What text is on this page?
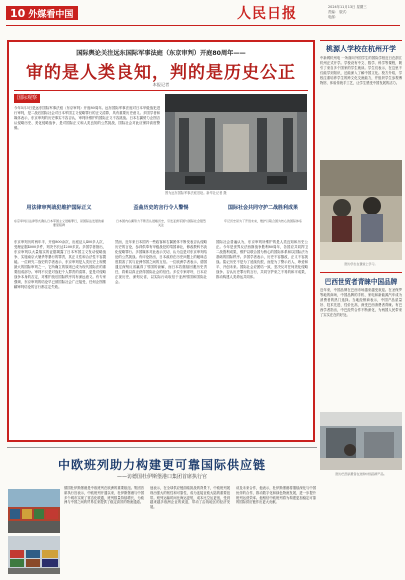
10 外媒看中国	人民日报	2024年11月13日 星期三
责编： 版式：
电邮：
国际舆论关注远东国际军事法庭（东京审判）开庭80周年——
审的是人类良知，判的是历史公正
本报记者
国际观察
今年5月3日是远东国际军事法庭（东京审判）开庭80周年。远东国际军事法庭对日本甲级战犯进行审判，是二战后国际社会对日本军国主义侵略罪行的正义清算，具有重要历史意义。多国学者和媒体表示，东京审判的历史事实不容否认，审判所维护的国际正义不容挑战。日本右翼势力企图否认侵略历史、美化侵略战争，是对国际正义和人类良知的公然挑战，国际社会对此应保持高度警惕。
图为远东国际军事法庭旧址。新华社记者 摄
用法律审判战犯维护国际正义
东京审判以法律形式确认日本军国主义侵略罪行，是国际法发展的重要里程碑
歪曲历史的言行令人警惕
日本国内右翼势力不断否认侵略历史，引发亚洲邻国与国际社会强烈关注
国际社会共同守护二战胜利成果
牢记历史是为了开创未来，维护以联合国为核心的国际体系
东京审判历时两年半，开庭800余次，出庭证人400多人次，受理证据4000多件，判决书长达1200多页。多国学者指出，东京审判以大量翔实的证据揭露了日本军国主义发动侵略战争、实施南京大屠杀等暴行的罪责，其正义性和合法性不容置疑。一位研究二战史的学者表示，东京审判是人类历史上规模最大的国际审判之一，它所确立的原则已成为现代国际法的重要组成部分。审判不仅是对战犯个人罪责的清算，更是对侵略战争本身的否定，对维护战后国际秩序具有深远意义。有专家强调，东京审判的结论早已被国际社会广泛接受，任何企图推翻审判结论的言行都注定失败。
然而，近年来日本国内一些政客和右翼团体不断发表否认侵略历史的言论，参拜供奉有甲级战犯的靖国神社，修改教科书淡化侵略罪行。多国媒体对此表示关切，认为这是对东京审判结论的公然挑战。有评论指出，日本政府在历史问题上的暧昧态度损害了其与亚洲邻国之间的互信。一位欧洲学者表示，德国通过深刻反省赢得了邻国的谅解，而日本若继续回避历史责任，将难以真正获得国际社会的信任。多位专家呼吁，日本应正视历史、深刻反省，以实际行动取信于亚洲邻国和国际社会。
国际社会普遍认为，东京审判所维护的是人类良知和历史公正。今年是世界反法西斯战争胜利80周年，各国应共同捍卫二战胜利成果，维护以联合国为核心的国际体系和以国际法为基础的国际秩序。多国学者表示，历史不容篡改，正义不容挑战。铭记历史不是为了延续仇恨，而是为了警示后人、珍爱和平、开创未来。国际社会应团结一致，坚决反对任何美化侵略战争、否认历史罪行的言行，共同守护来之不易的和平成果，推动构建人类命运共同体。
桃源人学校在杭州开学
中新网杭州电 一所面向外国学生的国际学校近日在浙江杭州正式开学。学校设有中文、数学、科学等课程，吸引了来自多个国家的学生就读。学生们表示，在这里不仅能学到知识，还能深入了解中国文化。校方介绍，学校注重培养学生的跨文化交流能力，并组织学生参观博物馆、体验传统手工艺，让学生感受中国发展的活力。
图为学生在课堂上学习。
巴西世贸者青睐中国品牌
近年来，中国品牌在巴西市场越来越受欢迎。在圣保罗等地的商场，中国品牌的手机、家电和新能源汽车成为消费者的热门选择。当地经销商表示，中国产品质量好、技术先进、性价比高，深受巴西消费者青睐。有巴西学者指出，中巴经贸合作不断深化，为两国人民带来了实实在在的好处。
图为巴西消费者在选购中国品牌产品。
中欧班列助力构建更可靠国际供应链
——访德国杜伊斯堡港口集团首席执行官
德国杜伊斯堡港是中欧班列在欧洲的重要枢纽。集团首席执行官表示，中欧班列开通以来，杜伊斯堡港与中国多个城市实现了常态化联通，班列数量持续增长，为欧洲与中国之间的贸易往来提供了稳定高效的物流通道。
他表示，在全球供应链面临挑战的背景下，中欧班列展现出强大的韧性和可靠性，成为连接亚欧大陆的重要纽带。班列运输时间比海运更短，成本比空运更低，受到越来越多欧洲企业的欢迎，带动了沿线地区的经济发展。
谈及未来合作，他表示，杜伊斯堡港将继续深化与中国伙伴的合作，推动数字化和绿色物流发展，进一步提升班列运营效率。他相信中欧班列将为构建更加稳定可靠的国际供应链作出更大贡献。
